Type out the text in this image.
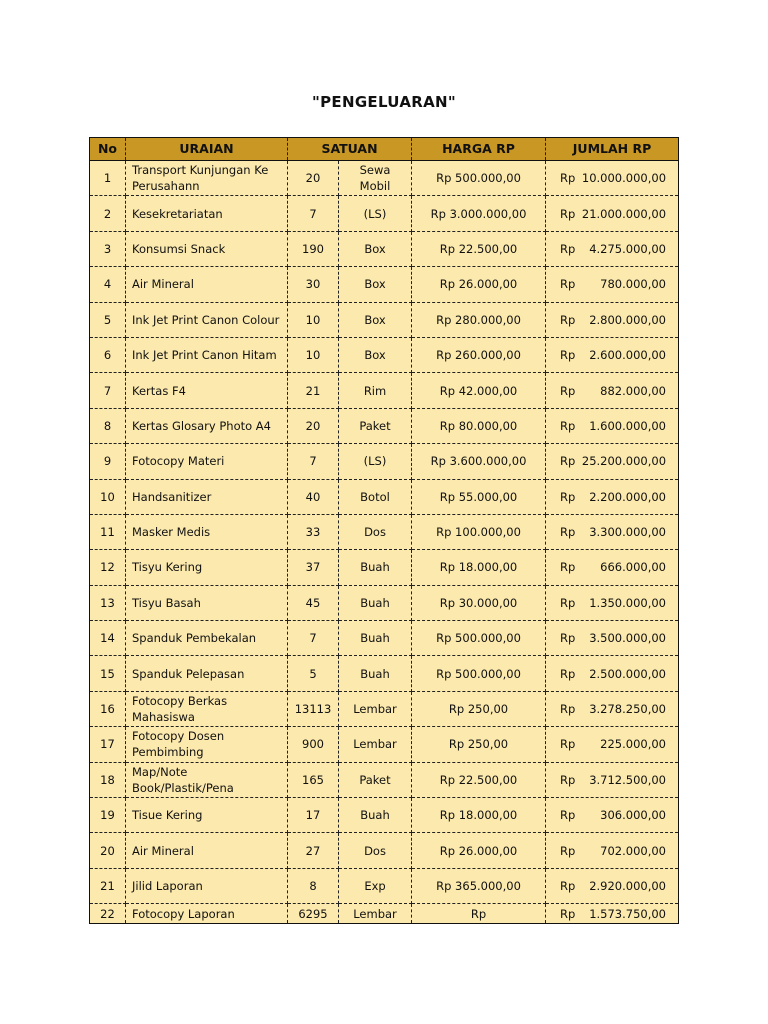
"PENGELUARAN"
No	URAIAN	SATUAN		HARGA RP	JUMLAH RP
1	Transport Kunjungan Ke Perusahann	20	Sewa Mobil	Rp 500.000,00	Rp 10.000.000,00

2	Kesekretariatan	7	(LS)	Rp 3.000.000,00	Rp 21.000.000,00

3	Konsumsi Snack	190	Box	Rp 22.500,00	Rp 4.275.000,00

4	Air Mineral	30	Box	Rp 26.000,00	Rp 780.000,00

5	Ink Jet Print Canon Colour	10	Box	Rp 280.000,00	Rp 2.800.000,00

6	Ink Jet Print Canon Hitam	10	Box	Rp 260.000,00	Rp 2.600.000,00

7	Kertas F4	21	Rim	Rp 42.000,00	Rp 882.000,00

8	Kertas Glosary Photo A4	20	Paket	Rp 80.000,00	Rp 1.600.000,00

9	Fotocopy Materi	7	(LS)	Rp 3.600.000,00	Rp 25.200.000,00

10	Handsanitizer	40	Botol	Rp 55.000,00	Rp 2.200.000,00

11	Masker Medis	33	Dos	Rp 100.000,00	Rp 3.300.000,00

12	Tisyu Kering	37	Buah	Rp 18.000,00	Rp 666.000,00

13	Tisyu Basah	45	Buah	Rp 30.000,00	Rp 1.350.000,00

14	Spanduk Pembekalan	7	Buah	Rp 500.000,00	Rp 3.500.000,00

15	Spanduk Pelepasan	5	Buah	Rp 500.000,00	Rp 2.500.000,00

16	Fotocopy Berkas Mahasiswa	13113	Lembar	Rp 250,00	Rp 3.278.250,00

17	Fotocopy Dosen Pembimbing	900	Lembar	Rp 250,00	Rp 225.000,00

18	Map/Note Book/Plastik/Pena	165	Paket	Rp 22.500,00	Rp 3.712.500,00

19	Tisue Kering	17	Buah	Rp 18.000,00	Rp 306.000,00

20	Air Mineral	27	Dos	Rp 26.000,00	Rp 702.000,00

21	Jilid Laporan	8	Exp	Rp 365.000,00	Rp 2.920.000,00

22	Fotocopy Laporan	6295	Lembar	Rp	Rp 1.573.750,00
